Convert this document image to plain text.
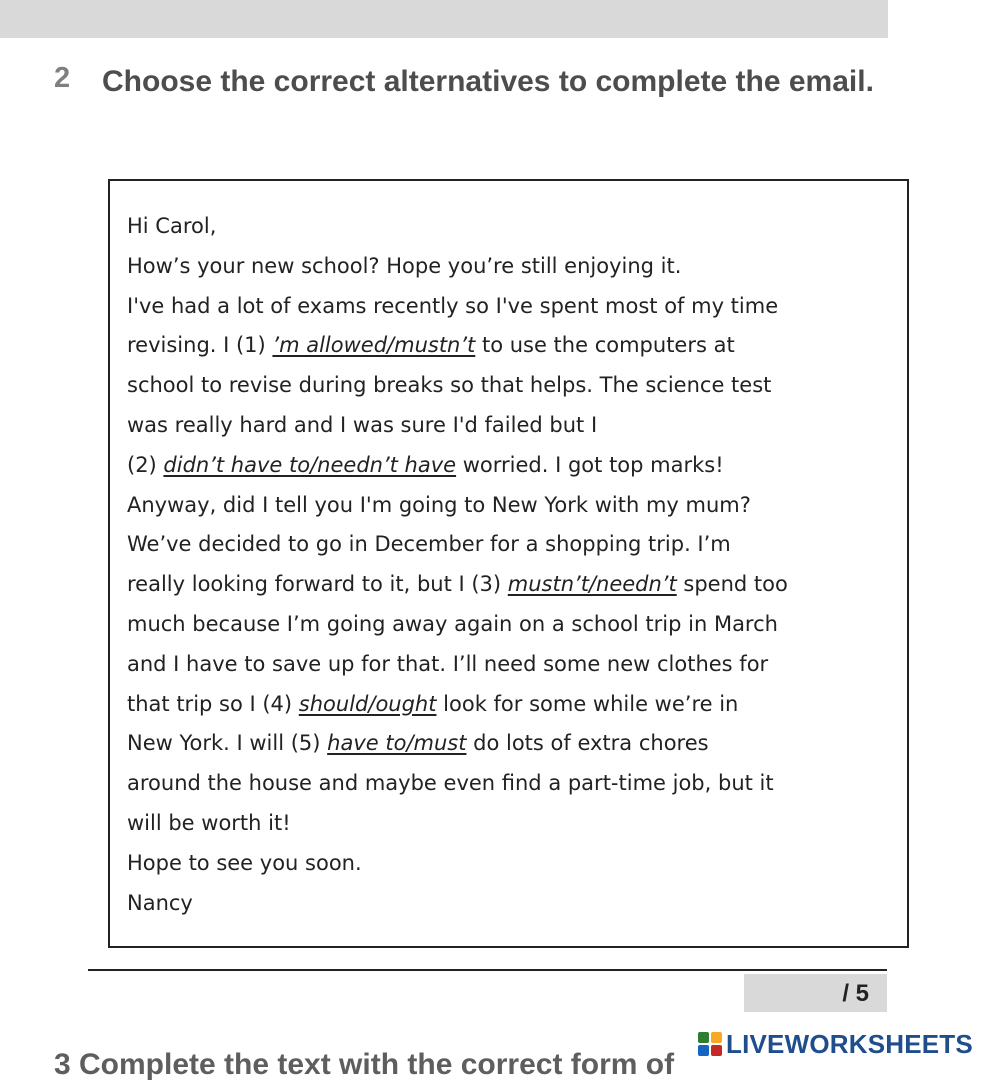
2 Choose the correct alternatives to complete the email.
Hi Carol,
How’s your new school? Hope you’re still enjoying it.
I've had a lot of exams recently so I've spent most of my time
revising. I (1) ’m allowed/mustn’t to use the computers at
school to revise during breaks so that helps. The science test
was really hard and I was sure I'd failed but I
(2) didn’t have to/needn’t have worried. I got top marks!
Anyway, did I tell you I'm going to New York with my mum?
We’ve decided to go in December for a shopping trip. I’m
really looking forward to it, but I (3) mustn’t/needn’t spend too
much because I’m going away again on a school trip in March
and I have to save up for that. I’ll need some new clothes for
that trip so I (4) should/ought look for some while we’re in
New York. I will (5) have to/must do lots of extra chores
around the house and maybe even find a part-time job, but it
will be worth it!
Hope to see you soon.
Nancy
/ 5
3 Complete the text with the correct form of
LIVEWORKSHEETS
